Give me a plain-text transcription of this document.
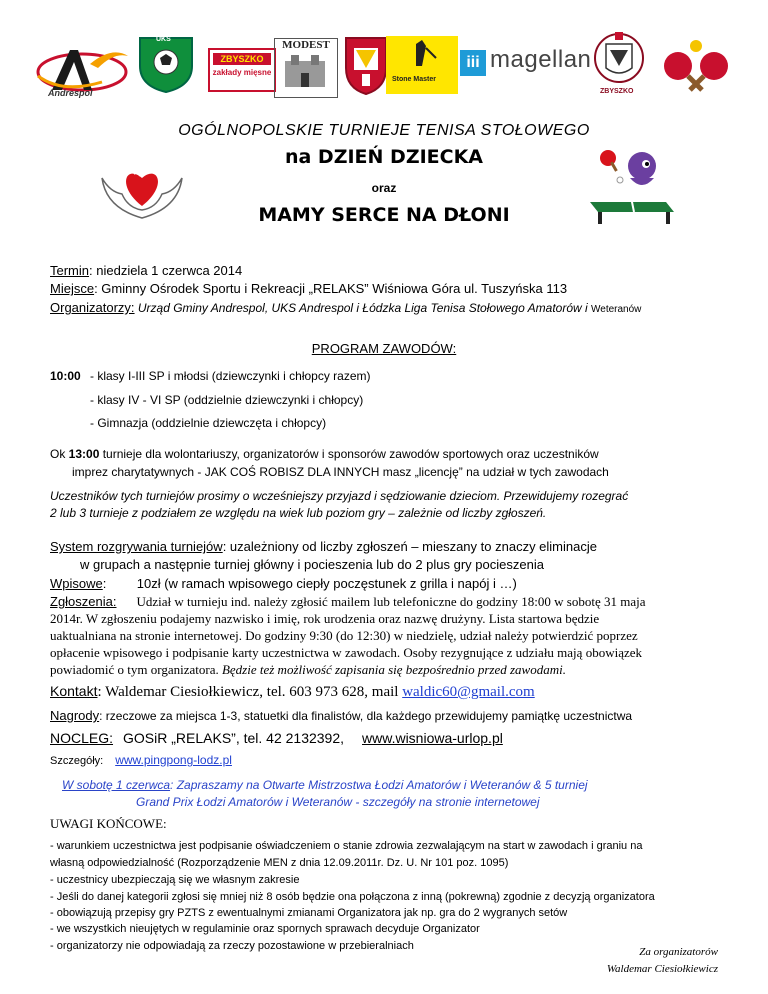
Andrespol
UKS
ZBYSZKO
zakłady mięsne
MODEST
Stone Master
iii magellan
ZBYSZKO
OGÓLNOPOLSKIE TURNIEJE TENISA STOŁOWEGO
na DZIEŃ DZIECKA
oraz
MAMY SERCE NA DŁONI
Termin: niedziela 1 czerwca 2014
Miejsce: Gminny Ośrodek Sportu i Rekreacji „RELAKS” Wiśniowa Góra ul. Tuszyńska 113
Organizatorzy: Urząd Gminy Andrespol, UKS Andrespol i Łódzka Liga Tenisa Stołowego Amatorów i Weteranów
PROGRAM ZAWODÓW:
10:00 - klasy I-III SP i młodsi (dziewczynki i chłopcy razem)
- klasy IV - VI SP (oddzielnie dziewczynki i chłopcy)
- Gimnazja (oddzielnie dziewczęta i chłopcy)
Ok 13:00 turnieje dla wolontariuszy, organizatorów i sponsorów zawodów sportowych oraz uczestników
imprez charytatywnych - JAK COŚ ROBISZ DLA INNYCH masz „licencję” na udział w tych zawodach
Uczestników tych turniejów prosimy o wcześniejszy przyjazd i sędziowanie dzieciom. Przewidujemy rozegrać
2 lub 3 turnieje z podziałem ze względu na wiek lub poziom gry – zależnie od liczby zgłoszeń.
System rozgrywania turniejów: uzależniony od liczby zgłoszeń – mieszany to znaczy eliminacje
w grupach a następnie turniej główny i pocieszenia lub do 2 plus gry pocieszenia
Wpisowe: 10zł (w ramach wpisowego ciepły poczęstunek z grilla i napój i …)
Zgłoszenia: Udział w turnieju ind. należy zgłosić mailem lub telefoniczne do godziny 18:00 w sobotę 31 maja
2014r. W zgłoszeniu podajemy nazwisko i imię, rok urodzenia oraz nazwę drużyny. Lista startowa będzie
uaktualniana na stronie internetowej. Do godziny 9:30 (do 12:30) w niedzielę, udział należy potwierdzić poprzez
opłacenie wpisowego i podpisanie karty uczestnictwa w zawodach. Osoby rezygnujące z udziału mają obowiązek
powiadomić o tym organizatora. Będzie też możliwość zapisania się bezpośrednio przed zawodami.
Kontakt: Waldemar Ciesiołkiewicz, tel. 603 973 628, mail waldic60@gmail.com
Nagrody: rzeczowe za miejsca 1-3, statuetki dla finalistów, dla każdego przewidujemy pamiątkę uczestnictwa
NOCLEG: GOSiR „RELAKS”, tel. 42 2132392, www.wisniowa-urlop.pl
Szczegóły: www.pingpong-lodz.pl
W sobotę 1 czerwca: Zapraszamy na Otwarte Mistrzostwa Łodzi Amatorów i Weteranów & 5 turniej
Grand Prix Łodzi Amatorów i Weteranów - szczegóły na stronie internetowej
UWAGI KOŃCOWE:
- warunkiem uczestnictwa jest podpisanie oświadczeniem o stanie zdrowia zezwalającym na start w zawodach i graniu na
własną odpowiedzialność (Rozporządzenie MEN z dnia 12.09.2011r. Dz. U. Nr 101 poz. 1095)
- uczestnicy ubezpieczają się we własnym zakresie
- Jeśli do danej kategorii zgłosi się mniej niż 8 osób będzie ona połączona z inną (pokrewną) zgodnie z decyzją organizatora
- obowiązują przepisy gry PZTS z ewentualnymi zmianami Organizatora jak np. gra do 2 wygranych setów
- we wszystkich nieujętych w regulaminie oraz spornych sprawach decyduje Organizator
- organizatorzy nie odpowiadają za rzeczy pozostawione w przebieralniach	Za organizatorów
Waldemar Ciesiołkiewicz
